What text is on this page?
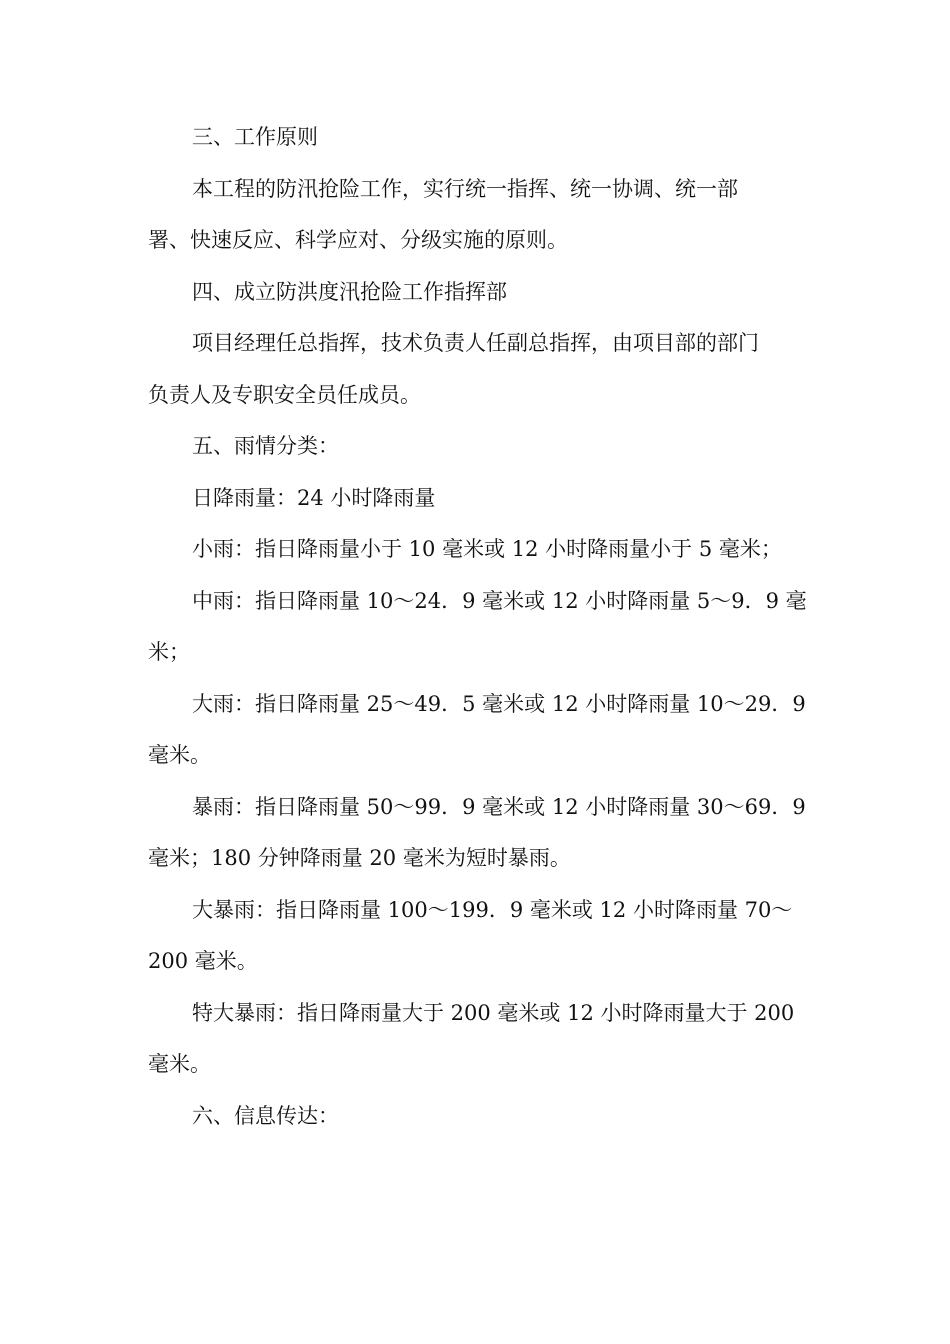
三、工作原则
本工程的防汛抢险工作，实行统一指挥、统一协调、统一部
署、快速反应、科学应对、分级实施的原则。
四、成立防洪度汛抢险工作指挥部
项目经理任总指挥，技术负责人任副总指挥，由项目部的部门
负责人及专职安全员任成员。
五、雨情分类：
日降雨量：24 小时降雨量
小雨：指日降雨量小于 10 毫米或 12 小时降雨量小于 5 毫米；
中雨：指日降雨量 10～24．9 毫米或 12 小时降雨量 5～9．9 毫
米；
大雨：指日降雨量 25～49．5 毫米或 12 小时降雨量 10～29．9
毫米。
暴雨：指日降雨量 50～99．9 毫米或 12 小时降雨量 30～69．9
毫米；180 分钟降雨量 20 毫米为短时暴雨。
大暴雨：指日降雨量 100～199．9 毫米或 12 小时降雨量 70～
200 毫米。
特大暴雨：指日降雨量大于 200 毫米或 12 小时降雨量大于 200
毫米。
六、信息传达：
